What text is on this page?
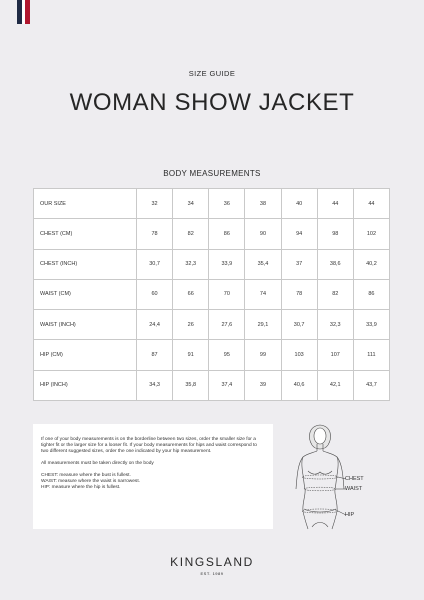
SIZE GUIDE
WOMAN SHOW JACKET
BODY MEASUREMENTS
OUR SIZE	32	34	36	38	40	44	44
CHEST (CM)	78	82	86	90	94	98	102
CHEST (INCH)	30,7	32,3	33,9	35,4	37	38,6	40,2
WAIST (CM)	60	66	70	74	78	82	86
WAIST (INCH)	24,4	26	27,6	29,1	30,7	32,3	33,9
HIP (CM)	87	91	95	99	103	107	111
HIP (INCH)	34,3	35,8	37,4	39	40,6	42,1	43,7

If one of your body measurements is on the borderline between two sizes, order the smaller size for a tighter fit or the larger size for a looser fit. If your body measurements for hips and waist correspond to two different suggested sizes, order the one indicated by your hip measurement.

All measurements must be taken directly on the body

CHEST: measure where the bust is fullest.

WAIST: measure where the waist is narrowest.

HIP: measure where the hip is fullest.

CHEST
WAIST
HIP
KINGSLAND
EST. 1989
